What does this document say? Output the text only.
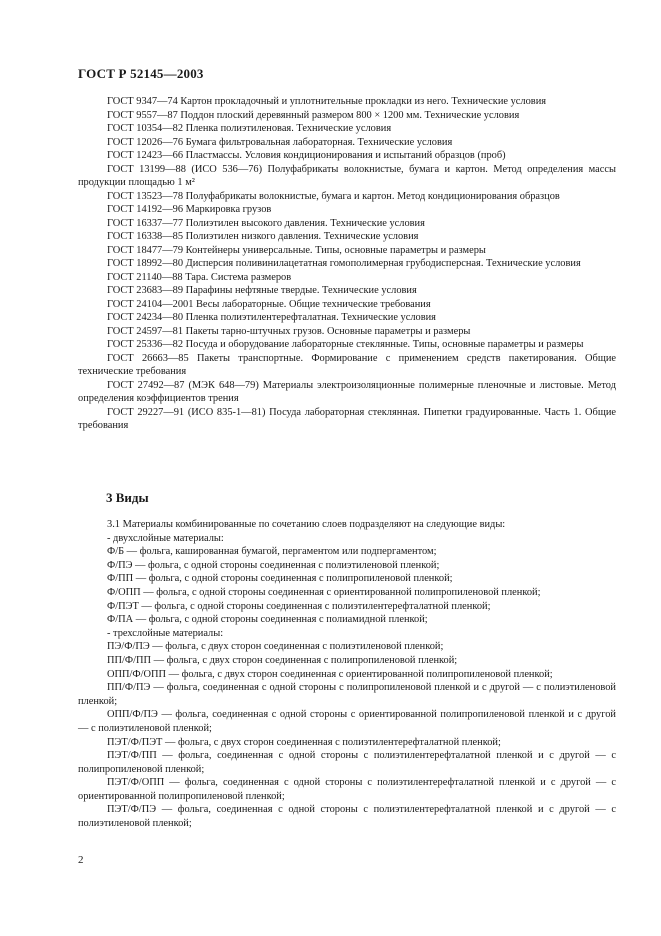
ГОСТ Р 52145—2003

ГОСТ 9347—74 Картон прокладочный и уплотнительные прокладки из него. Технические условия

ГОСТ 9557—87 Поддон плоский деревянный размером 800 × 1200 мм. Технические условия

ГОСТ 10354—82 Пленка полиэтиленовая. Технические условия

ГОСТ 12026—76 Бумага фильтровальная лабораторная. Технические условия

ГОСТ 12423—66 Пластмассы. Условия кондиционирования и испытаний образцов (проб)

ГОСТ 13199—88 (ИСО 536—76) Полуфабрикаты волокнистые, бумага и картон. Метод определения массы продукции площадью 1 м²

ГОСТ 13523—78 Полуфабрикаты волокнистые, бумага и картон. Метод кондиционирования образцов

ГОСТ 14192—96 Маркировка грузов

ГОСТ 16337—77 Полиэтилен высокого давления. Технические условия

ГОСТ 16338—85 Полиэтилен низкого давления. Технические условия

ГОСТ 18477—79 Контейнеры универсальные. Типы, основные параметры и размеры

ГОСТ 18992—80 Дисперсия поливинилацетатная гомополимерная грубодисперсная. Технические условия

ГОСТ 21140—88 Тара. Система размеров

ГОСТ 23683—89 Парафины нефтяные твердые. Технические условия

ГОСТ 24104—2001 Весы лабораторные. Общие технические требования

ГОСТ 24234—80 Пленка полиэтилентерефталатная. Технические условия

ГОСТ 24597—81 Пакеты тарно-штучных грузов. Основные параметры и размеры

ГОСТ 25336—82 Посуда и оборудование лабораторные стеклянные. Типы, основные параметры и размеры

ГОСТ 26663—85 Пакеты транспортные. Формирование с применением средств пакетирования. Общие технические требования

ГОСТ 27492—87 (МЭК 648—79) Материалы электроизоляционные полимерные пленочные и листовые. Метод определения коэффициентов трения

ГОСТ 29227—91 (ИСО 835-1—81) Посуда лабораторная стеклянная. Пипетки градуированные. Часть 1. Общие требования

3 Виды

3.1 Материалы комбинированные по сочетанию слоев подразделяют на следующие виды:

- двухслойные материалы:

Ф/Б — фольга, кашированная бумагой, пергаментом или подпергаментом;

Ф/ПЭ — фольга, с одной стороны соединенная с полиэтиленовой пленкой;

Ф/ПП — фольга, с одной стороны соединенная с полипропиленовой пленкой;

Ф/ОПП — фольга, с одной стороны соединенная с ориентированной полипропиленовой пленкой;

Ф/ПЭТ — фольга, с одной стороны соединенная с полиэтилентерефталатной пленкой;

Ф/ПА — фольга, с одной стороны соединенная с полиамидной пленкой;

- трехслойные материалы:

ПЭ/Ф/ПЭ — фольга, с двух сторон соединенная с полиэтиленовой пленкой;

ПП/Ф/ПП — фольга, с двух сторон соединенная с полипропиленовой пленкой;

ОПП/Ф/ОПП — фольга, с двух сторон соединенная с ориентированной полипропиленовой пленкой;

ПП/Ф/ПЭ — фольга, соединенная с одной стороны с полипропиленовой пленкой и с другой — с полиэтиленовой пленкой;

ОПП/Ф/ПЭ — фольга, соединенная с одной стороны с ориентированной полипропиленовой пленкой и с другой — с полиэтиленовой пленкой;

ПЭТ/Ф/ПЭТ — фольга, с двух сторон соединенная с полиэтилентерефталатной пленкой;

ПЭТ/Ф/ПП — фольга, соединенная с одной стороны с полиэтилентерефталатной пленкой и с другой — с полипропиленовой пленкой;

ПЭТ/Ф/ОПП — фольга, соединенная с одной стороны с полиэтилентерефталатной пленкой и с другой — с ориентированной полипропиленовой пленкой;

ПЭТ/Ф/ПЭ — фольга, соединенная с одной стороны с полиэтилентерефталатной пленкой и с другой — с полиэтиленовой пленкой;

2
